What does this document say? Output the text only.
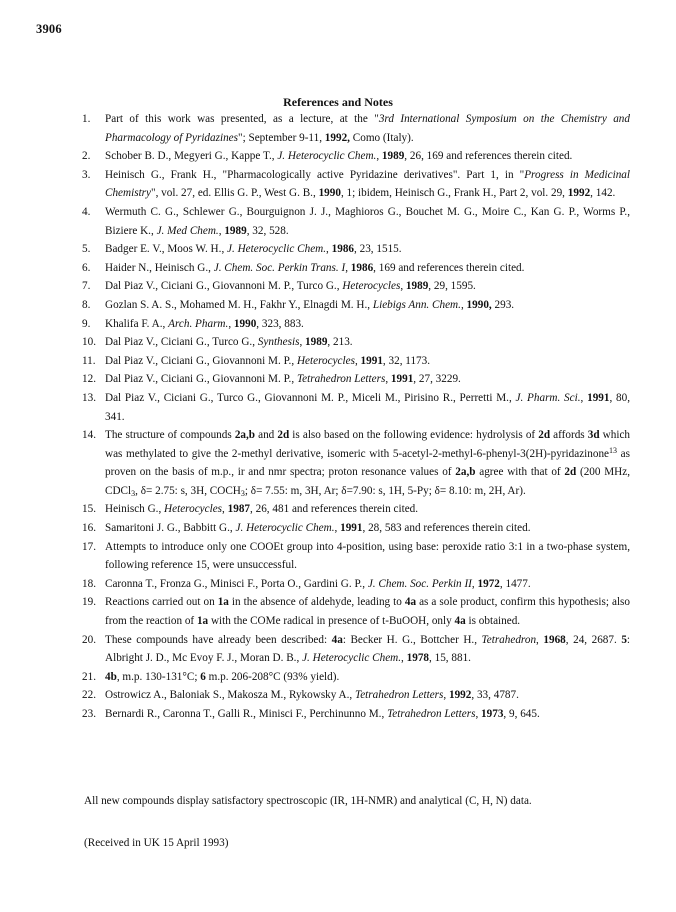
3906
References and Notes
1. Part of this work was presented, as a lecture, at the "3rd International Symposium on the Chemistry and Pharmacology of Pyridazines"; September 9-11, 1992, Como (Italy).
2. Schober B. D., Megyeri G., Kappe T., J. Heterocyclic Chem., 1989, 26, 169 and references therein cited.
3. Heinisch G., Frank H., "Pharmacologically active Pyridazine derivatives". Part 1, in "Progress in Medicinal Chemistry", vol. 27, ed. Ellis G. P., West G. B., 1990, 1; ibidem, Heinisch G., Frank H., Part 2, vol. 29, 1992, 142.
4. Wermuth C. G., Schlewer G., Bourguignon J. J., Maghioros G., Bouchet M. G., Moire C., Kan G. P., Worms P., Biziere K., J. Med Chem., 1989, 32, 528.
5. Badger E. V., Moos W. H., J. Heterocyclic Chem., 1986, 23, 1515.
6. Haider N., Heinisch G., J. Chem. Soc. Perkin Trans. I, 1986, 169 and references therein cited.
7. Dal Piaz V., Ciciani G., Giovannoni M. P., Turco G., Heterocycles, 1989, 29, 1595.
8. Gozlan S. A. S., Mohamed M. H., Fakhr Y., Elnagdi M. H., Liebigs Ann. Chem., 1990, 293.
9. Khalifa F. A., Arch. Pharm., 1990, 323, 883.
10. Dal Piaz V., Ciciani G., Turco G., Synthesis, 1989, 213.
11. Dal Piaz V., Ciciani G., Giovannoni M. P., Heterocycles, 1991, 32, 1173.
12. Dal Piaz V., Ciciani G., Giovannoni M. P., Tetrahedron Letters, 1991, 27, 3229.
13. Dal Piaz V., Ciciani G., Turco G., Giovannoni M. P., Miceli M., Pirisino R., Perretti M., J. Pharm. Sci., 1991, 80, 341.
14. The structure of compounds 2a,b and 2d is also based on the following evidence: hydrolysis of 2d affords 3d which was methylated to give the 2-methyl derivative, isomeric with 5-acetyl-2-methyl-6-phenyl-3(2H)-pyridazinone$^{13}$ as proven on the basis of m.p., ir and nmr spectra; proton resonance values of 2a,b agree with that of 2d (200 MHz, CDCl$_3$, δ= 2.75: s, 3H, $COCH_3$; δ= 7.55: m, 3H, Ar; δ=7.90: s, 1H, 5-Py; δ= 8.10: m, 2H, Ar).
15. Heinisch G., Heterocycles, 1987, 26, 481 and references therein cited.
16. Samaritoni J. G., Babbitt G., J. Heterocyclic Chem., 1991, 28, 583 and references therein cited.
17. Attempts to introduce only one COOEt group into 4-position, using base: peroxide ratio 3:1 in a two-phase system, following reference 15, were unsuccessful.
18. Caronna T., Fronza G., Minisci F., Porta O., Gardini G. P., J. Chem. Soc. Perkin II, 1972, 1477.
19. Reactions carried out on 1a in the absence of aldehyde, leading to 4a as a sole product, confirm this hypothesis; also from the reaction of 1a with the COMe radical in presence of t-BuOOH, only 4a is obtained.
20. These compounds have already been described: 4a: Becker H. G., Bottcher H., Tetrahedron, 1968, 24, 2687. 5: Albright J. D., Mc Evoy F. J., Moran D. B., J. Heterocyclic Chem., 1978, 15, 881.
21. 4b, m.p. 130-131°C; 6 m.p. 206-208°C (93% yield).
22. Ostrowicz A., Baloniak S., Makosza M., Rykowsky A., Tetrahedron Letters, 1992, 33, 4787.
23. Bernardi R., Caronna T., Galli R., Minisci F., Perchinunno M., Tetrahedron Letters, 1973, 9, 645.
All new compounds display satisfactory spectroscopic (IR, 1H-NMR) and analytical (C, H, N) data.
(Received in UK 15 April 1993)
